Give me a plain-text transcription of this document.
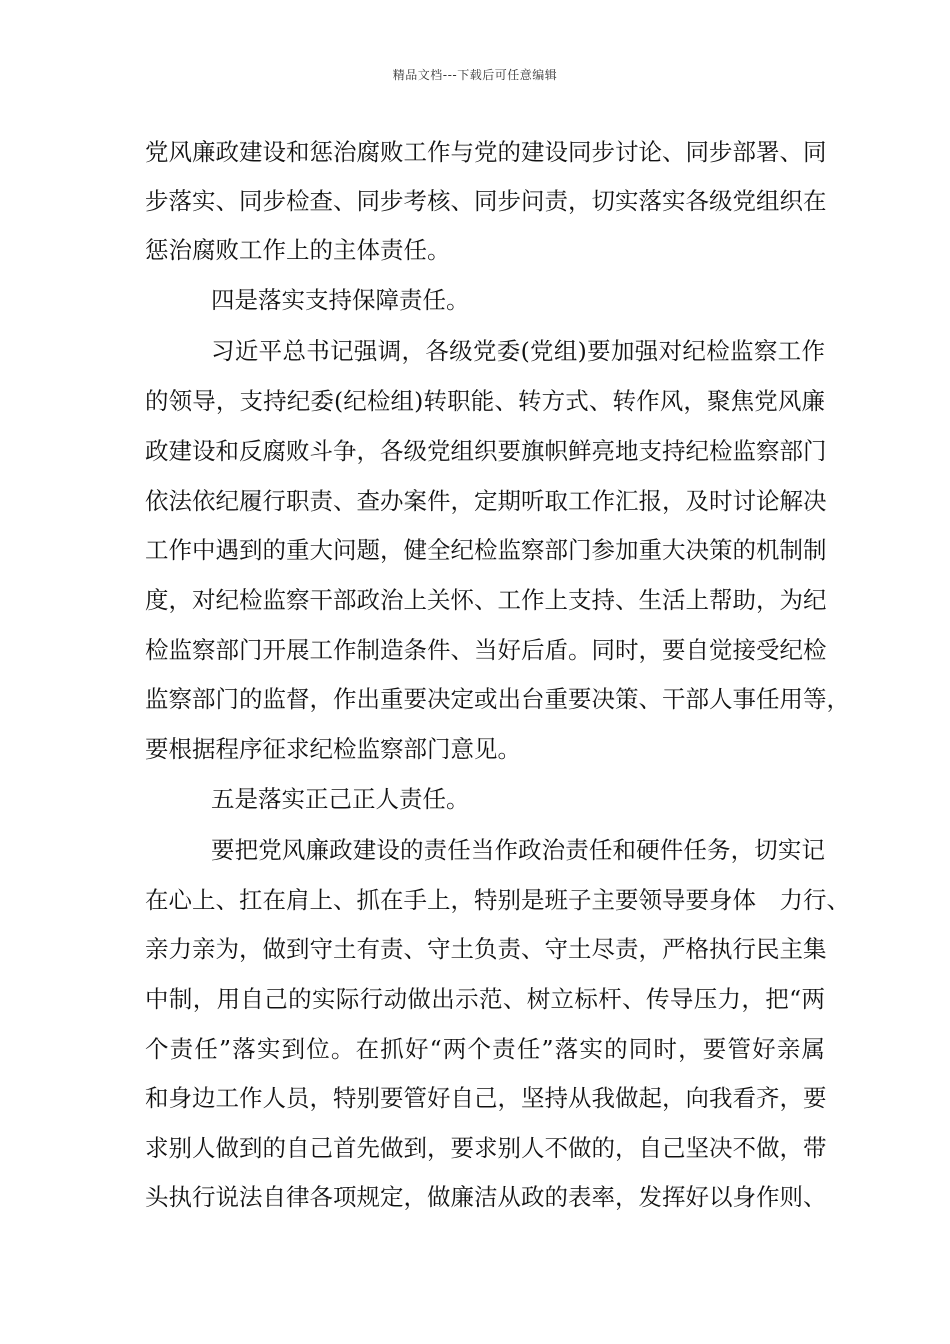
精品文档---下载后可任意编辑
党风廉政建设和惩治腐败工作与党的建设同步讨论、同步部署、同
步落实、同步检查、同步考核、同步问责，切实落实各级党组织在
惩治腐败工作上的主体责任。
四是落实支持保障责任。
习近平总书记强调，各级党委(党组)要加强对纪检监察工作
的领导，支持纪委(纪检组)转职能、转方式、转作风，聚焦党风廉
政建设和反腐败斗争，各级党组织要旗帜鲜亮地支持纪检监察部门
依法依纪履行职责、查办案件，定期听取工作汇报，及时讨论解决
工作中遇到的重大问题，健全纪检监察部门参加重大决策的机制制
度，对纪检监察干部政治上关怀、工作上支持、生活上帮助，为纪
检监察部门开展工作制造条件、当好后盾。同时，要自觉接受纪检
监察部门的监督，作出重要决定或出台重要决策、干部人事任用等，
要根据程序征求纪检监察部门意见。
五是落实正己正人责任。
要把党风廉政建设的责任当作政治责任和硬件任务，切实记
在心上、扛在肩上、抓在手上，特别是班子主要领导要身体　力行、
亲力亲为，做到守土有责、守土负责、守土尽责，严格执行民主集
中制，用自己的实际行动做出示范、树立标杆、传导压力，把“两
个责任”落实到位。在抓好“两个责任”落实的同时，要管好亲属
和身边工作人员，特别要管好自己，坚持从我做起，向我看齐，要
求别人做到的自己首先做到，要求别人不做的，自己坚决不做，带
头执行说法自律各项规定，做廉洁从政的表率，发挥好以身作则、
